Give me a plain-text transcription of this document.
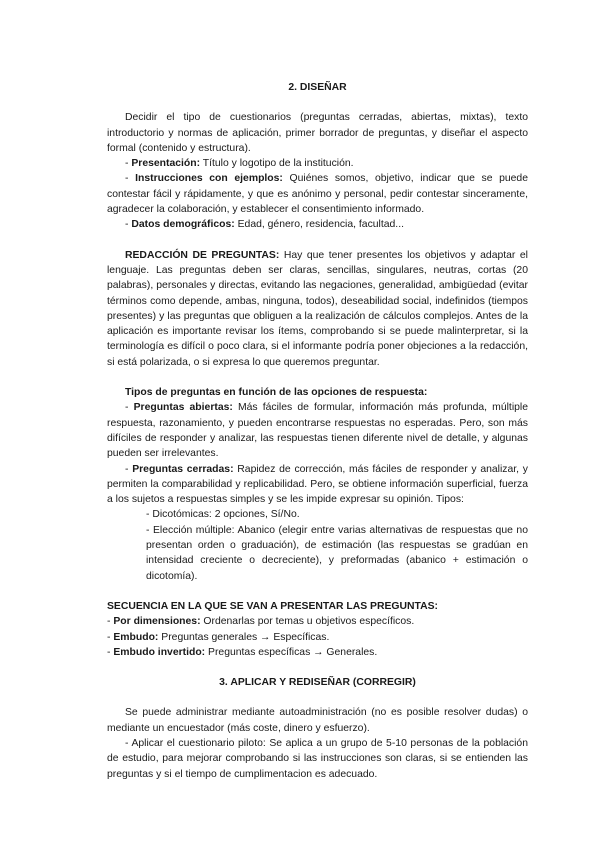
2. DISEÑAR

Decidir el tipo de cuestionarios (preguntas cerradas, abiertas, mixtas), texto introductorio y normas de aplicación, primer borrador de preguntas, y diseñar el aspecto formal (contenido y estructura).

- Presentación: Título y logotipo de la institución.

- Instrucciones con ejemplos: Quiénes somos, objetivo, indicar que se puede contestar fácil y rápidamente, y que es anónimo y personal, pedir contestar sinceramente, agradecer la colaboración, y establecer el consentimiento informado.

- Datos demográficos: Edad, género, residencia, facultad...

REDACCIÓN DE PREGUNTAS: Hay que tener presentes los objetivos y adaptar el lenguaje. Las preguntas deben ser claras, sencillas, singulares, neutras, cortas (20 palabras), personales y directas, evitando las negaciones, generalidad, ambigüedad (evitar términos como depende, ambas, ninguna, todos), deseabilidad social, indefinidos (tiempos presentes) y las preguntas que obliguen a la realización de cálculos complejos. Antes de la aplicación es importante revisar los ítems, comprobando si se puede malinterpretar, si la terminología es difícil o poco clara, si el informante podría poner objeciones a la redacción, si está polarizada, o si expresa lo que queremos preguntar.

Tipos de preguntas en función de las opciones de respuesta:

- Preguntas abiertas: Más fáciles de formular, información más profunda, múltiple respuesta, razonamiento, y pueden encontrarse respuestas no esperadas. Pero, son más difíciles de responder y analizar, las respuestas tienen diferente nivel de detalle, y algunas pueden ser irrelevantes.

- Preguntas cerradas: Rapidez de corrección, más fáciles de responder y analizar, y permiten la comparabilidad y replicabilidad. Pero, se obtiene información superficial, fuerza a los sujetos a respuestas simples y se les impide expresar su opinión. Tipos:

- Dicotómicas: 2 opciones, Sí/No.

- Elección múltiple: Abanico (elegir entre varias alternativas de respuestas que no presentan orden o graduación), de estimación (las respuestas se gradúan en intensidad creciente o decreciente), y preformadas (abanico + estimación o dicotomía).

SECUENCIA EN LA QUE SE VAN A PRESENTAR LAS PREGUNTAS:

- Por dimensiones: Ordenarlas por temas u objetivos específicos.

- Embudo: Preguntas generales → Específicas.

- Embudo invertido: Preguntas específicas → Generales.

3. APLICAR Y REDISEÑAR (CORREGIR)

Se puede administrar mediante autoadministración (no es posible resolver dudas) o mediante un encuestador (más coste, dinero y esfuerzo).

- Aplicar el cuestionario piloto: Se aplica a un grupo de 5-10 personas de la población de estudio, para mejorar comprobando si las instrucciones son claras, si se entienden las preguntas y si el tiempo de cumplimentacion es adecuado.
